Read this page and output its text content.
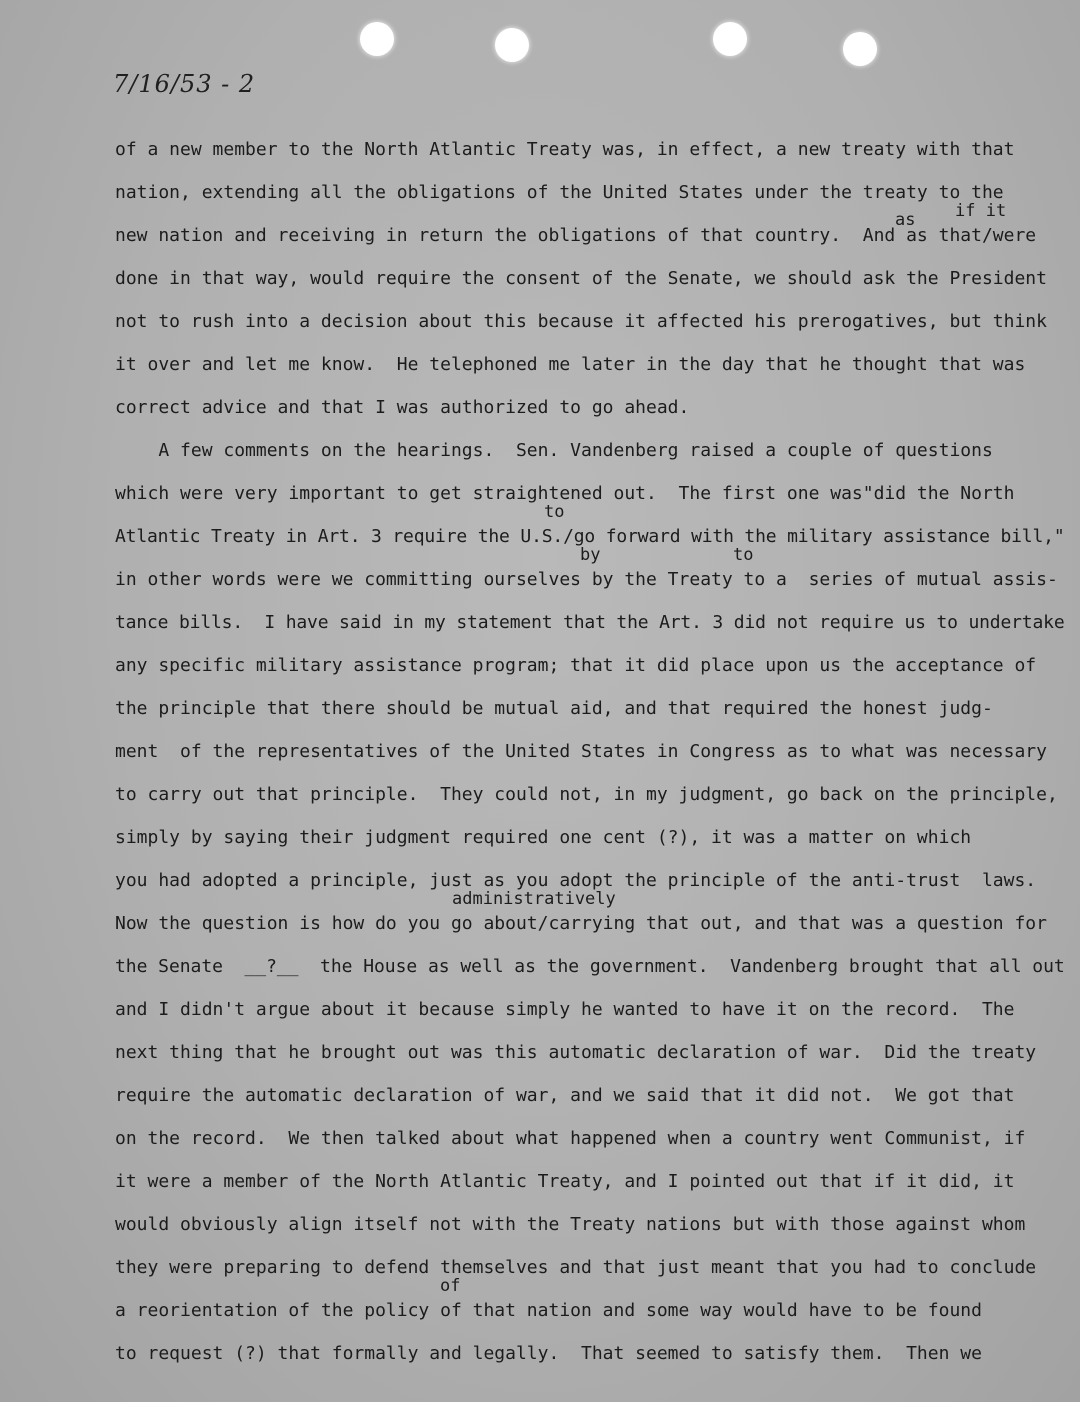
7/16/53 - 2

of a new member to the North Atlantic Treaty was, in effect, a new treaty with that

nation, extending all the obligations of the United States under the treaty to the

new nation and receiving in return the obligations of that country.  And as that/were

done in that way, would require the consent of the Senate, we should ask the President

not to rush into a decision about this because it affected his prerogatives, but think

it over and let me know.  He telephoned me later in the day that he thought that was

correct advice and that I was authorized to go ahead.

A few comments on the hearings.  Sen. Vandenberg raised a couple of questions

which were very important to get straightened out.  The first one was"did the North

Atlantic Treaty in Art. 3 require the U.S./go forward with the military assistance bill,"

in other words were we committing ourselves by the Treaty to a  series of mutual assis-

tance bills.  I have said in my statement that the Art. 3 did not require us to undertake

any specific military assistance program; that it did place upon us the acceptance of

the principle that there should be mutual aid, and that required the honest judg-

ment  of the representatives of the United States in Congress as to what was necessary

to carry out that principle.  They could not, in my judgment, go back on the principle,

simply by saying their judgment required one cent (?), it was a matter on which

you had adopted a principle, just as you adopt the principle of the anti-trust  laws.

Now the question is how do you go about/carrying that out, and that was a question for

the Senate  __?__  the House as well as the government.  Vandenberg brought that all out

and I didn't argue about it because simply he wanted to have it on the record.  The

next thing that he brought out was this automatic declaration of war.  Did the treaty

require the automatic declaration of war, and we said that it did not.  We got that

on the record.  We then talked about what happened when a country went Communist, if

it were a member of the North Atlantic Treaty, and I pointed out that if it did, it

would obviously align itself not with the Treaty nations but with those against whom

they were preparing to defend themselves and that just meant that you had to conclude

a reorientation of the policy of that nation and some way would have to be found

to request (?) that formally and legally.  That seemed to satisfy them.  Then we

if it

as

to

by	to

administratively

of
